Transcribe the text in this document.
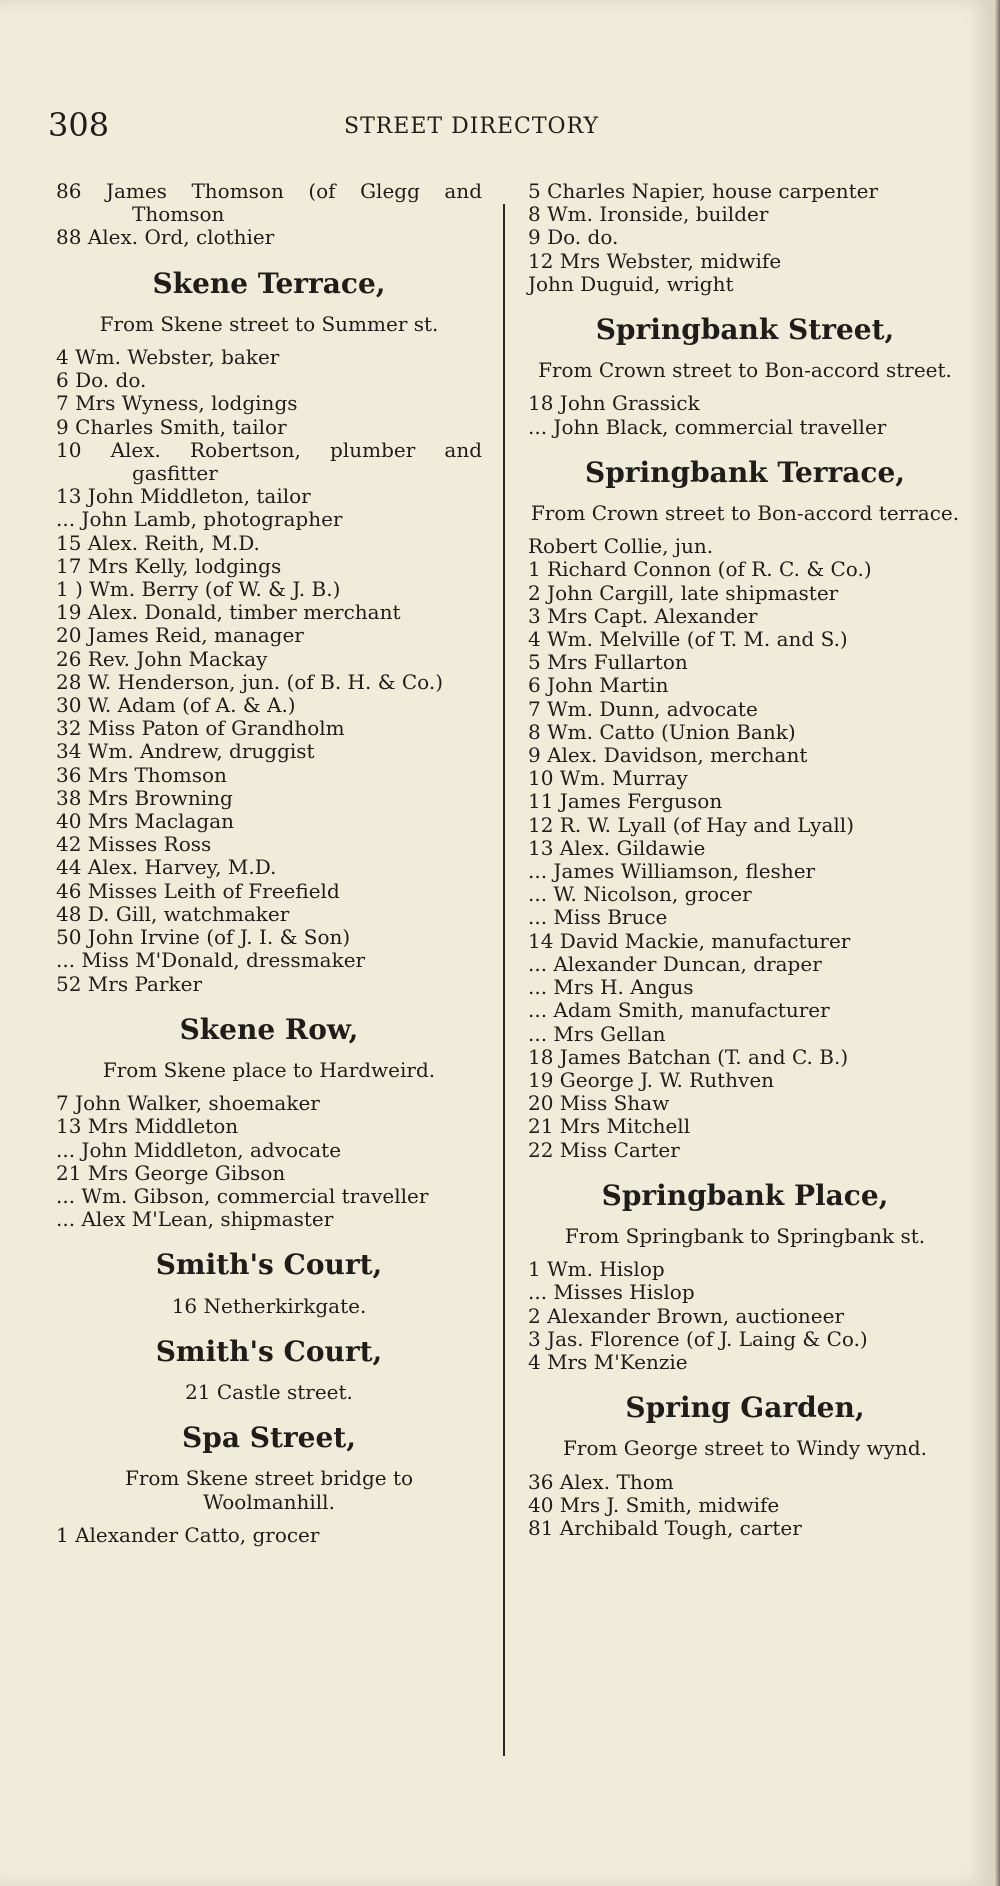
308	STREET DIRECTORY
86 James Thomson (of Glegg and Thomson
88 Alex. Ord, clothier
Skene Terrace,
From Skene street to Summer st.
4 Wm. Webster, baker
6 Do. do.
7 Mrs Wyness, lodgings
9 Charles Smith, tailor
10 Alex. Robertson, plumber and gasfitter
13 John Middleton, tailor
... John Lamb, photographer
15 Alex. Reith, M.D.
17 Mrs Kelly, lodgings
1 ) Wm. Berry (of W. & J. B.)
19 Alex. Donald, timber merchant
20 James Reid, manager
26 Rev. John Mackay
28 W. Henderson, jun. (of B. H. & Co.)
30 W. Adam (of A. & A.)
32 Miss Paton of Grandholm
34 Wm. Andrew, druggist
36 Mrs Thomson
38 Mrs Browning
40 Mrs Maclagan
42 Misses Ross
44 Alex. Harvey, M.D.
46 Misses Leith of Freefield
48 D. Gill, watchmaker
50 John Irvine (of J. I. & Son)
... Miss M'Donald, dressmaker
52 Mrs Parker
Skene Row,
From Skene place to Hardweird.
7 John Walker, shoemaker
13 Mrs Middleton
... John Middleton, advocate
21 Mrs George Gibson
... Wm. Gibson, commercial traveller
... Alex M'Lean, shipmaster
Smith's Court,
16 Netherkirkgate.
Smith's Court,
21 Castle street.
Spa Street,
From Skene street bridge to Woolmanhill.
1 Alexander Catto, grocer
5 Charles Napier, house carpenter
8 Wm. Ironside, builder
9 Do. do.
12 Mrs Webster, midwife
John Duguid, wright
Springbank Street,
From Crown street to Bon-accord street.
18 John Grassick
... John Black, commercial traveller
Springbank Terrace,
From Crown street to Bon-accord terrace.
Robert Collie, jun.
1 Richard Connon (of R. C. & Co.)
2 John Cargill, late shipmaster
3 Mrs Capt. Alexander
4 Wm. Melville (of T. M. and S.)
5 Mrs Fullarton
6 John Martin
7 Wm. Dunn, advocate
8 Wm. Catto (Union Bank)
9 Alex. Davidson, merchant
10 Wm. Murray
11 James Ferguson
12 R. W. Lyall (of Hay and Lyall)
13 Alex. Gildawie
... James Williamson, flesher
... W. Nicolson, grocer
... Miss Bruce
14 David Mackie, manufacturer
... Alexander Duncan, draper
... Mrs H. Angus
... Adam Smith, manufacturer
... Mrs Gellan
18 James Batchan (T. and C. B.)
19 George J. W. Ruthven
20 Miss Shaw
21 Mrs Mitchell
22 Miss Carter
Springbank Place,
From Springbank to Springbank st.
1 Wm. Hislop
... Misses Hislop
2 Alexander Brown, auctioneer
3 Jas. Florence (of J. Laing & Co.)
4 Mrs M'Kenzie
Spring Garden,
From George street to Windy wynd.
36 Alex. Thom
40 Mrs J. Smith, midwife
81 Archibald Tough, carter
